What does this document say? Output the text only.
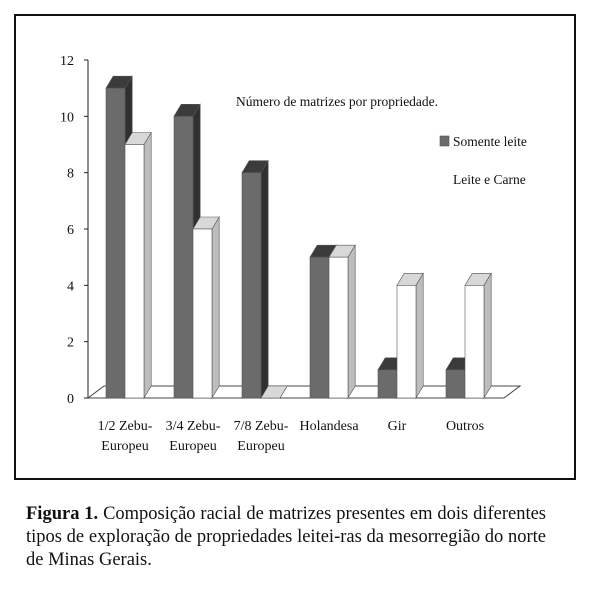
0
2
4
6
8
10
12
1/2 Zebu-
Europeu
3/4 Zebu-
Europeu
7/8 Zebu-
Europeu
Holandesa Gir	Outros
Número de matrizes por propriedade.
Somente leite
Leite e Carne
Figura 1. Composição racial de matrizes presentes em dois diferentes tipos de exploração de propriedades leitei-ras da mesorregião do norte de Minas Gerais.
